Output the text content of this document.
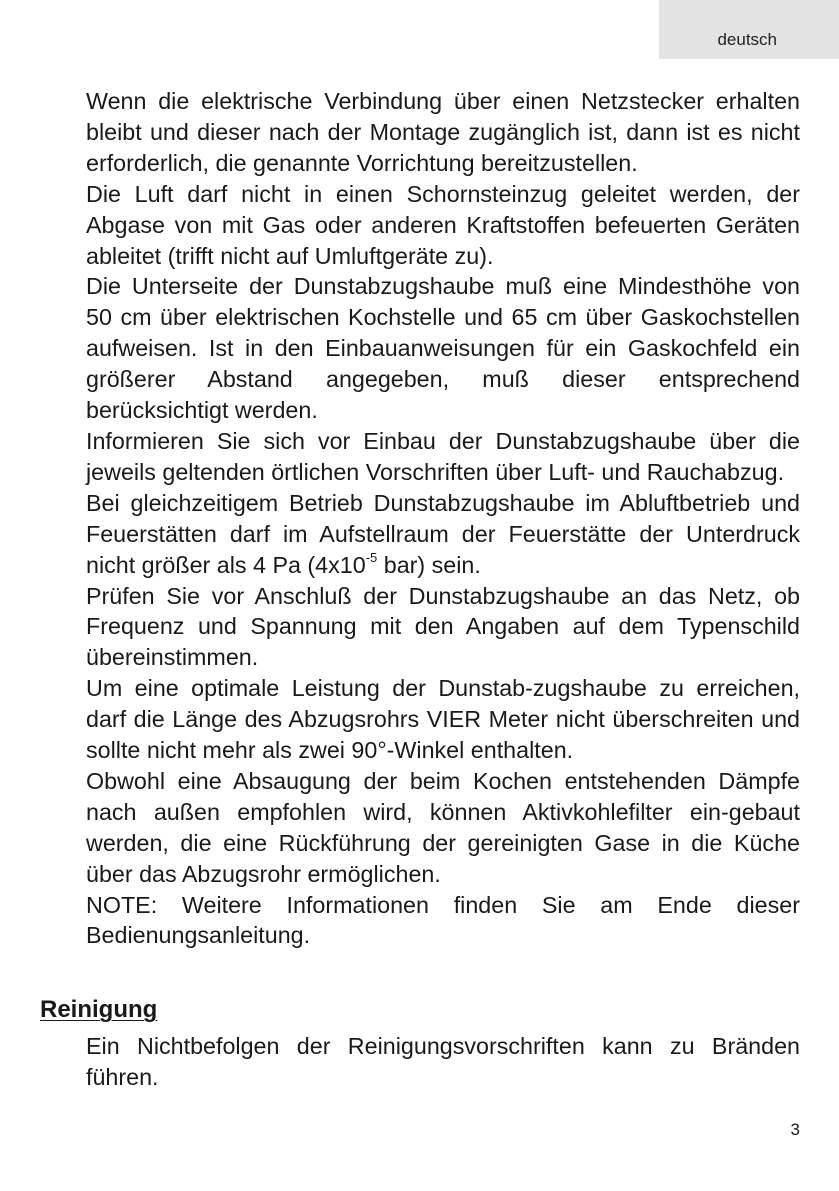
deutsch

Wenn die elektrische Verbindung über einen Netzstecker erhalten bleibt und dieser nach der Montage zugänglich ist, dann ist es nicht erforderlich, die genannte Vorrichtung bereitzustellen.

Die Luft darf nicht in einen Schornsteinzug geleitet werden, der Abgase von mit Gas oder anderen Kraftstoffen befeuerten Geräten ableitet (trifft nicht auf Umluftgeräte zu).

Die Unterseite der Dunstabzugshaube muß eine Mindesthöhe von 50 cm über elektrischen Kochstelle und 65 cm über Gaskochstellen aufweisen. Ist in den Einbauanweisungen für ein Gaskochfeld ein größerer Abstand angegeben, muß dieser entsprechend berücksichtigt werden.

Informieren Sie sich vor Einbau der Dunstabzugshaube über die jeweils geltenden örtlichen Vorschriften über Luft- und Rauchabzug.

Bei gleichzeitigem Betrieb Dunstabzugshaube im Abluftbetrieb und Feuerstätten darf im Aufstellraum der Feuerstätte der Unterdruck nicht größer als 4 Pa ($4x10^{-5}$ bar) sein.

Prüfen Sie vor Anschluß der Dunstabzugshaube an das Netz, ob Frequenz und Spannung mit den Angaben auf dem Typenschild übereinstimmen.

Um eine optimale Leistung der Dunstab-zugshaube zu erreichen, darf die Länge des Abzugsrohrs VIER Meter nicht überschreiten und sollte nicht mehr als zwei 90°-Winkel enthalten.

Obwohl eine Absaugung der beim Kochen entstehenden Dämpfe nach außen empfohlen wird, können Aktivkohlefilter ein-gebaut werden, die eine Rückführung der gereinigten Gase in die Küche über das Abzugsrohr ermöglichen.

NOTE: Weitere Informationen finden Sie am Ende dieser Bedienungsanleitung.

Reinigung

Ein Nichtbefolgen der Reinigungsvorschriften kann zu Bränden führen.

3
